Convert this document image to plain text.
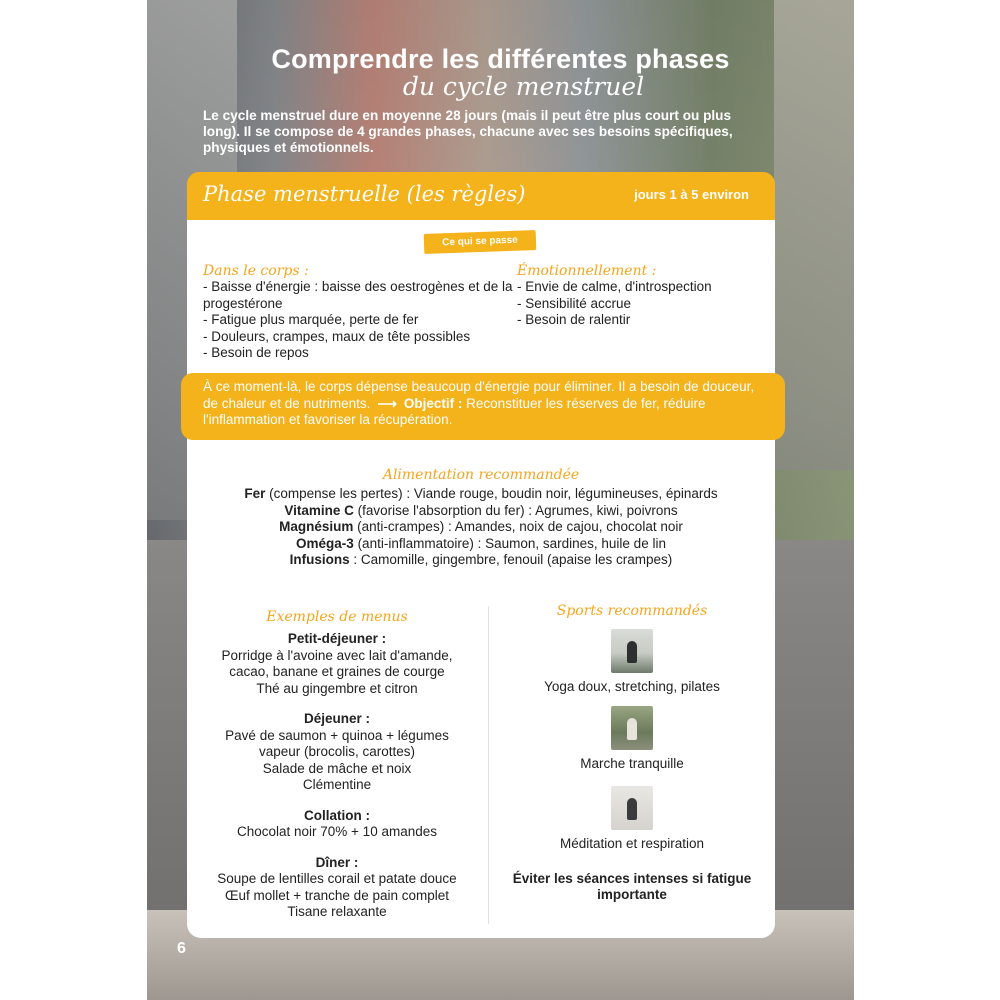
Comprendre les différentes phases
du cycle menstruel
Le cycle menstruel dure en moyenne 28 jours (mais il peut être plus court ou plus long). Il se compose de 4 grandes phases, chacune avec ses besoins spécifiques, physiques et émotionnels.
Phase menstruelle (les règles)	jours 1 à 5 environ
Ce qui se passe
Dans le corps :
- Baisse d'énergie : baisse des oestrogènes et de la progestérone
- Fatigue plus marquée, perte de fer
- Douleurs, crampes, maux de tête possibles
- Besoin de repos
Émotionnellement :
- Envie de calme, d'introspection
- Sensibilité accrue
- Besoin de ralentir
À ce moment-là, le corps dépense beaucoup d'énergie pour éliminer. Il a besoin de douceur, de chaleur et de nutriments. ⟶ Objectif : Reconstituer les réserves de fer, réduire l'inflammation et favoriser la récupération.
Alimentation recommandée
Fer (compense les pertes) : Viande rouge, boudin noir, légumineuses, épinards
Vitamine C (favorise l'absorption du fer) : Agrumes, kiwi, poivrons
Magnésium (anti-crampes) : Amandes, noix de cajou, chocolat noir
Oméga-3 (anti-inflammatoire) : Saumon, sardines, huile de lin
Infusions : Camomille, gingembre, fenouil (apaise les crampes)
Exemples de menus
Petit-déjeuner :
Porridge à l'avoine avec lait d'amande,
cacao, banane et graines de courge
Thé au gingembre et citron
Déjeuner :
Pavé de saumon + quinoa + légumes
vapeur (brocolis, carottes)
Salade de mâche et noix
Clémentine
Collation :
Chocolat noir 70% + 10 amandes
Dîner :
Soupe de lentilles corail et patate douce
Œuf mollet + tranche de pain complet
Tisane relaxante
Sports recommandés
Yoga doux, stretching, pilates
Marche tranquille
Méditation et respiration
Éviter les séances intenses si fatigue importante
6
